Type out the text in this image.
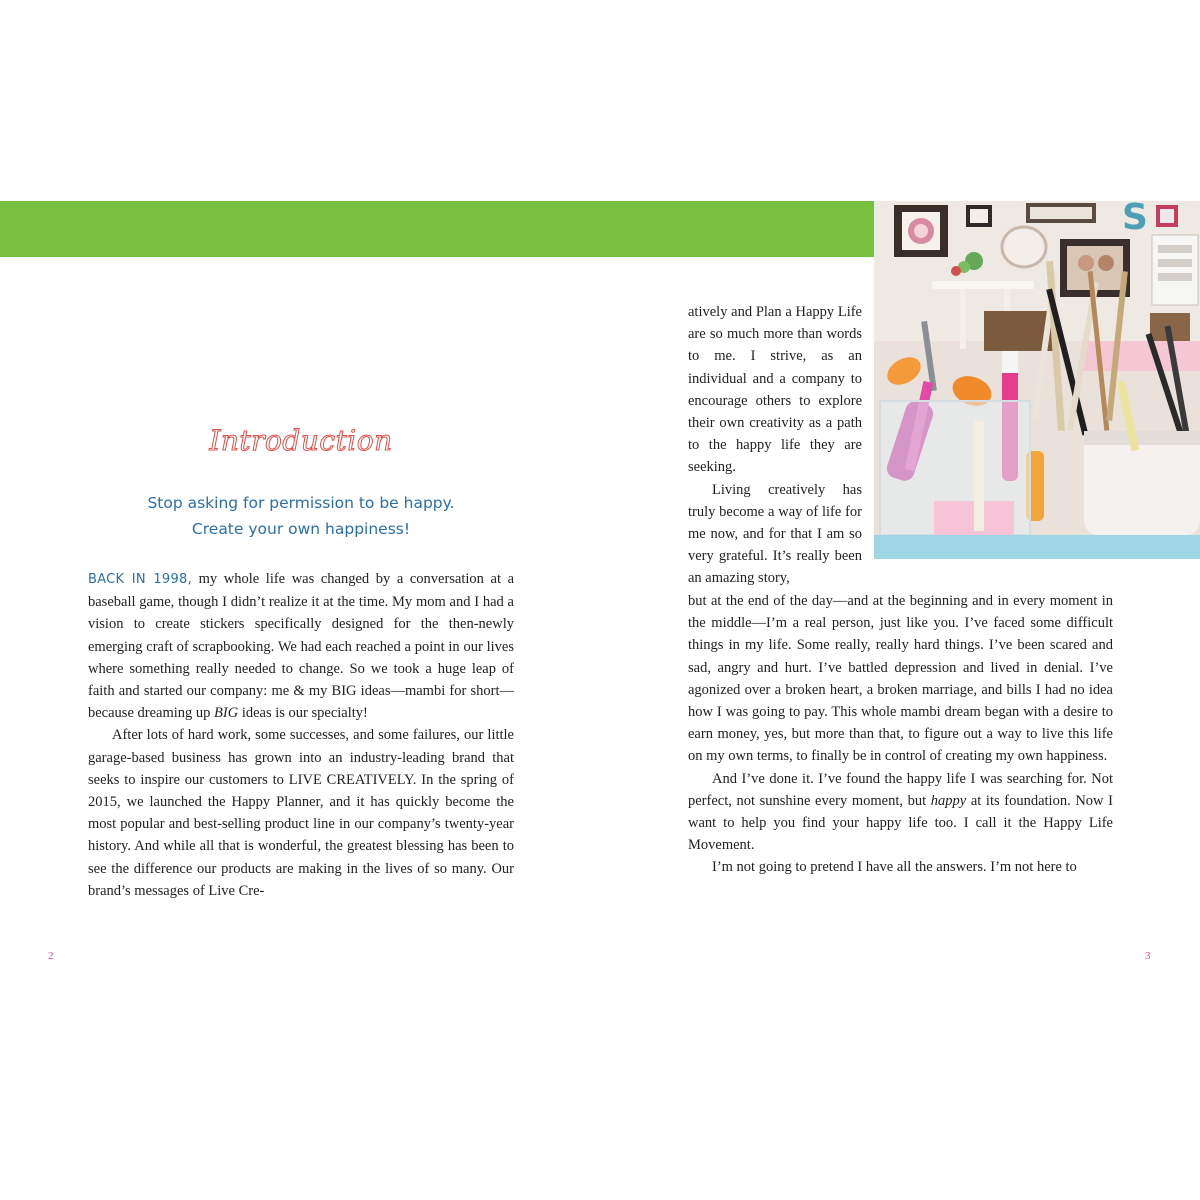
S
Introduction
Stop asking for permission to be happy.
Create your own happiness!

BACK IN 1998, my whole life was changed by a conversation at a baseball game, though I didn’t realize it at the time. My mom and I had a vision to create stickers specifically designed for the then-newly emerging craft of scrapbooking. We had each reached a point in our lives where something really needed to change. So we took a huge leap of faith and started our company: me & my BIG ideas—mambi for short—because dreaming up BIG ideas is our specialty!

After lots of hard work, some successes, and some failures, our little garage-based business has grown into an industry-leading brand that seeks to inspire our customers to LIVE CREATIVELY. In the spring of 2015, we launched the Happy Planner, and it has quickly become the most popular and best-selling product line in our company’s twenty-year history. And while all that is wonderful, the greatest blessing has been to see the difference our products are making in the lives of so many. Our brand’s messages of Live Cre-

atively and Plan a Happy Life are so much more than words to me. I strive, as an individual and a company to encourage others to explore their own creativity as a path to the happy life they are seeking.

Living creatively has truly become a way of life for me now, and for that I am so very grateful. It’s really been an amazing story,

but at the end of the day—and at the beginning and in every moment in the middle—I’m a real person, just like you. I’ve faced some difficult things in my life. Some really, really hard things. I’ve been scared and sad, angry and hurt. I’ve battled depression and lived in denial. I’ve agonized over a broken heart, a broken marriage, and bills I had no idea how I was going to pay. This whole mambi dream began with a desire to earn money, yes, but more than that, to figure out a way to live this life on my own terms, to finally be in control of creating my own happiness.

And I’ve done it. I’ve found the happy life I was searching for. Not perfect, not sunshine every moment, but happy at its foundation. Now I want to help you find your happy life too. I call it the Happy Life Movement.

I’m not going to pretend I have all the answers. I’m not here to

2	3
